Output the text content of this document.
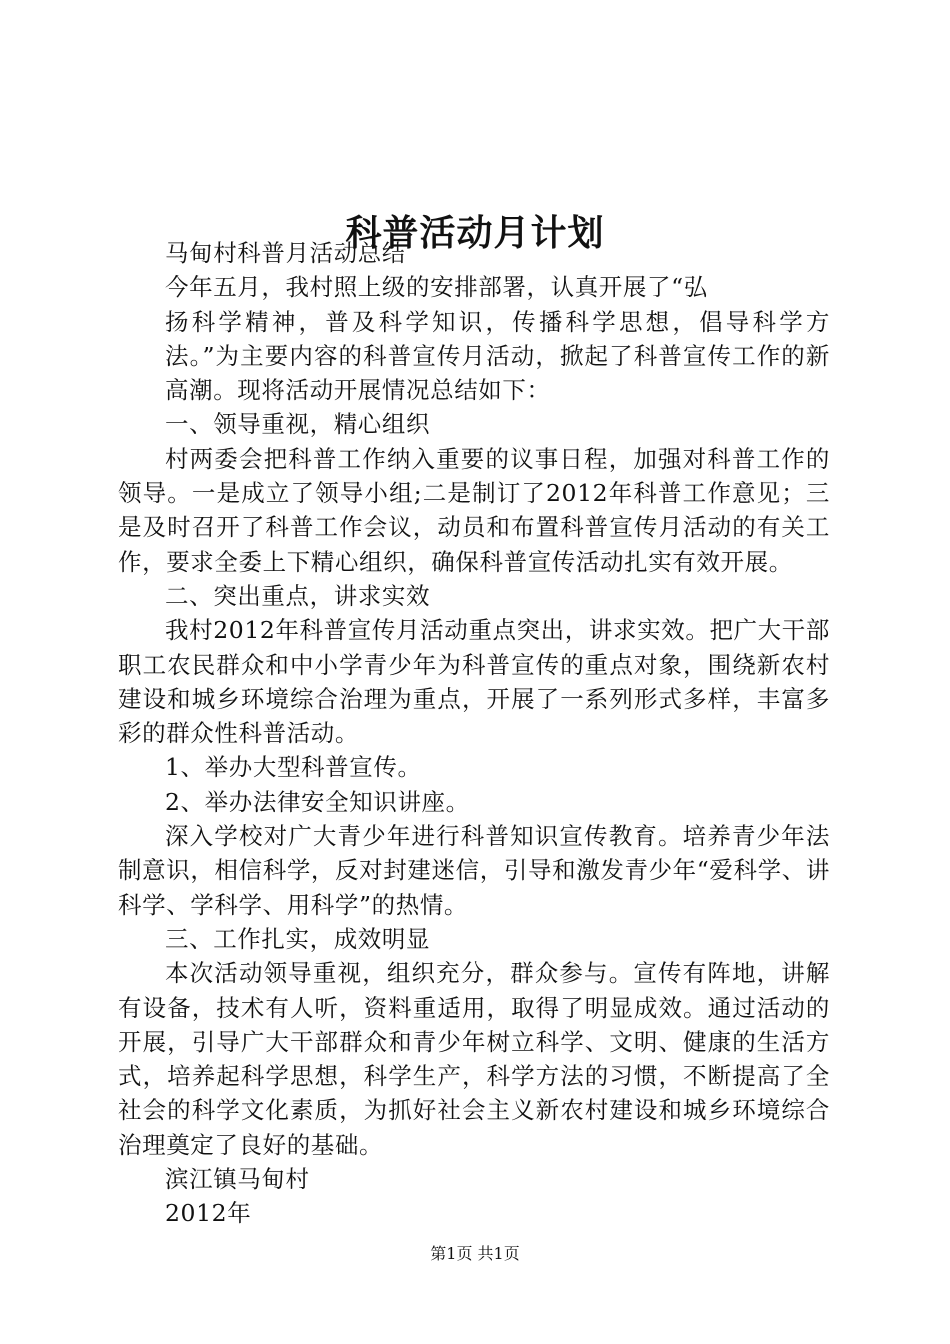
科普活动月计划

马甸村科普月活动总结

今年五月，我村照上级的安排部署，认真开展了“弘

扬科学精神，普及科学知识，传播科学思想，倡导科学方法。”为主要内容的科普宣传月活动，掀起了科普宣传工作的新高潮。现将活动开展情况总结如下：

一、领导重视，精心组织

村两委会把科普工作纳入重要的议事日程，加强对科普工作的领导。一是成立了领导小组;二是制订了2012年科普工作意见；三是及时召开了科普工作会议，动员和布置科普宣传月活动的有关工作，要求全委上下精心组织，确保科普宣传活动扎实有效开展。

二、突出重点，讲求实效

我村2012年科普宣传月活动重点突出，讲求实效。把广大干部职工农民群众和中小学青少年为科普宣传的重点对象，围绕新农村建设和城乡环境综合治理为重点，开展了一系列形式多样，丰富多彩的群众性科普活动。

1、举办大型科普宣传。

2、举办法律安全知识讲座。

深入学校对广大青少年进行科普知识宣传教育。培养青少年法制意识，相信科学，反对封建迷信，引导和激发青少年“爱科学、讲科学、学科学、用科学”的热情。

三、工作扎实，成效明显

本次活动领导重视，组织充分，群众参与。宣传有阵地，讲解有设备，技术有人听，资料重适用，取得了明显成效。通过活动的开展，引导广大干部群众和青少年树立科学、文明、健康的生活方式，培养起科学思想，科学生产，科学方法的习惯，不断提高了全社会的科学文化素质，为抓好社会主义新农村建设和城乡环境综合治理奠定了良好的基础。

滨江镇马甸村

2012年

第1页 共1页
